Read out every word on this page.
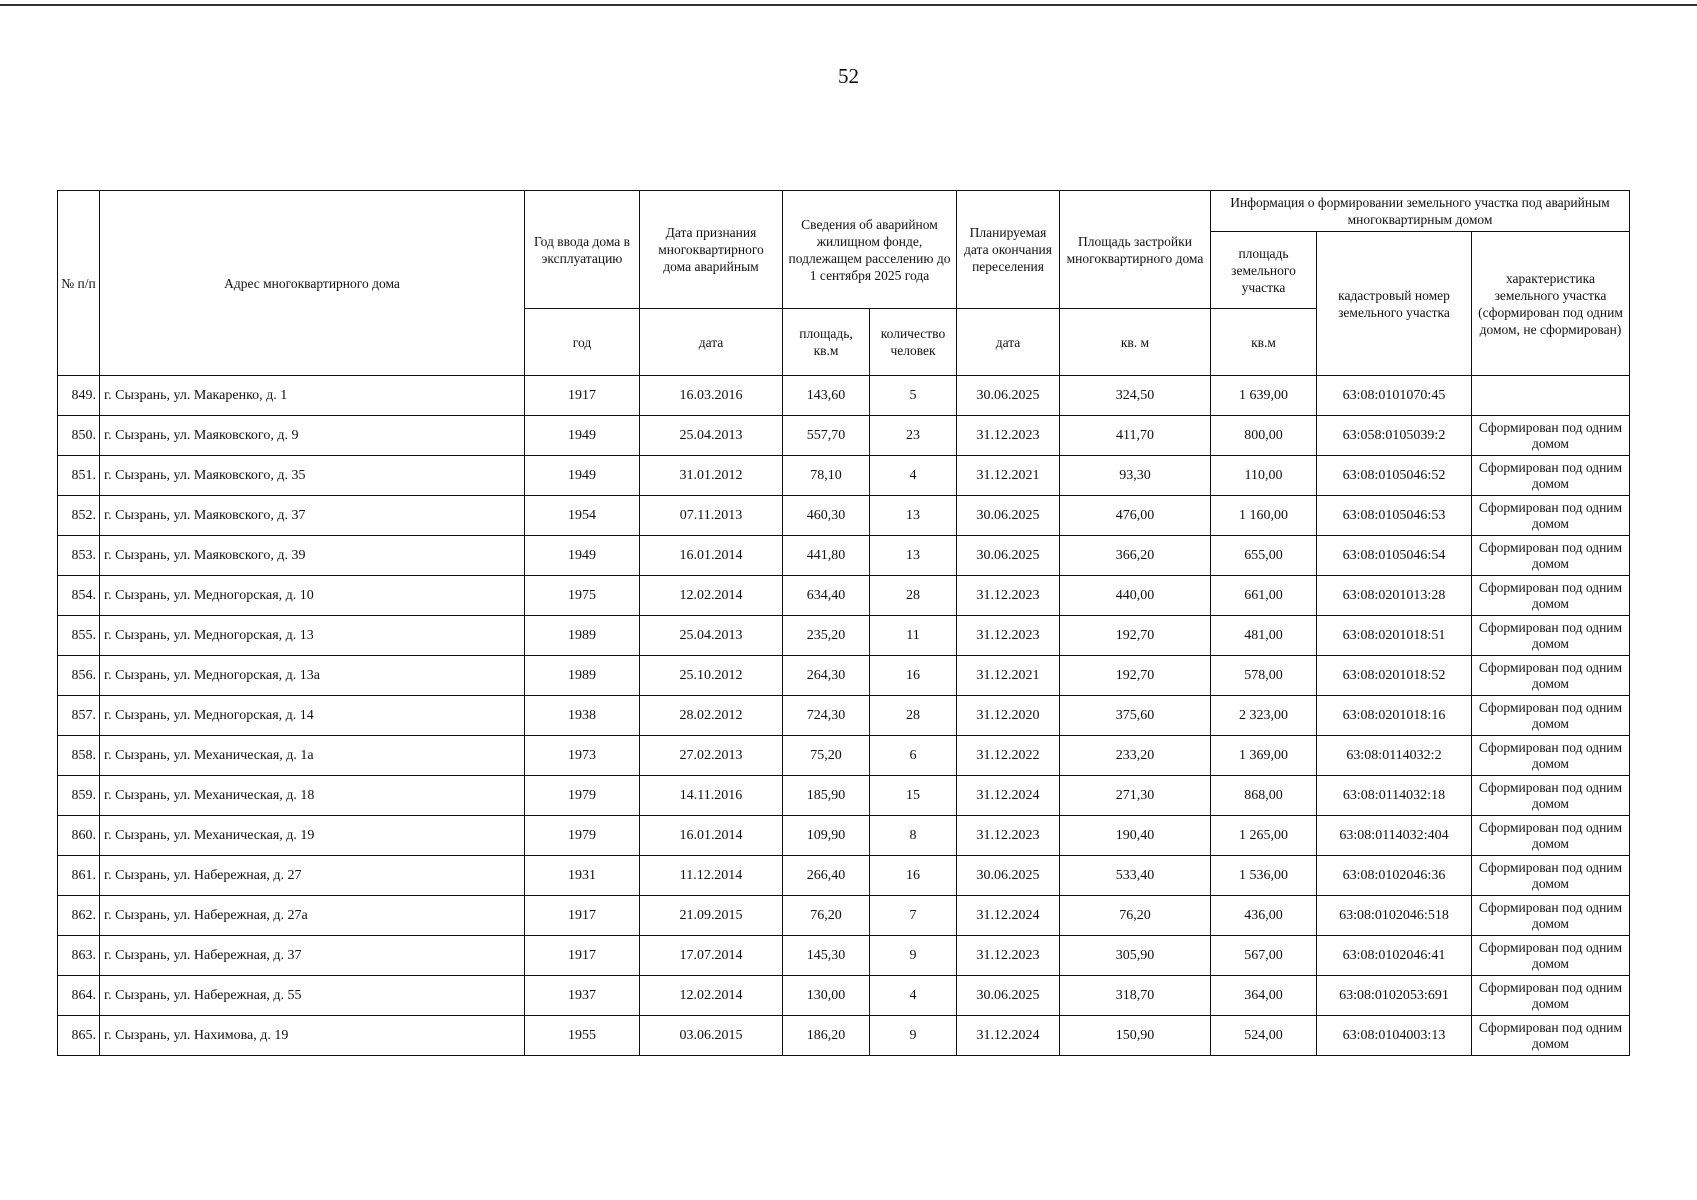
52
№ п/п	Адрес многоквартирного дома	Год ввода дома в эксплуатацию	Дата признания многоквартирного дома аварийным	Сведения об аварийном жилищном фонде, подлежащем расселению до 1 сентября 2025 года		Планируемая дата окончания переселения	Площадь застройки многоквартирного дома	Информация о формировании земельного участка под аварийным многоквартирным домом		
								площадь земельного участка	кадастровый номер земельного участка	характеристика земельного участка (сформирован под одним домом, не сформирован)
		год	дата	площадь, кв.м	количество человек	дата	кв. м	кв.м		
849.	г. Сызрань, ул. Макаренко, д. 1	1917	16.03.2016	143,60	5	30.06.2025	324,50	1 639,00	63:08:0101070:45	
850.	г. Сызрань, ул. Маяковского, д. 9	1949	25.04.2013	557,70	23	31.12.2023	411,70	800,00	63:058:0105039:2	Сформирован под одним домом
851.	г. Сызрань, ул. Маяковского, д. 35	1949	31.01.2012	78,10	4	31.12.2021	93,30	110,00	63:08:0105046:52	Сформирован под одним домом
852.	г. Сызрань, ул. Маяковского, д. 37	1954	07.11.2013	460,30	13	30.06.2025	476,00	1 160,00	63:08:0105046:53	Сформирован под одним домом
853.	г. Сызрань, ул. Маяковского, д. 39	1949	16.01.2014	441,80	13	30.06.2025	366,20	655,00	63:08:0105046:54	Сформирован под одним домом
854.	г. Сызрань, ул. Медногорская, д. 10	1975	12.02.2014	634,40	28	31.12.2023	440,00	661,00	63:08:0201013:28	Сформирован под одним домом
855.	г. Сызрань, ул. Медногорская, д. 13	1989	25.04.2013	235,20	11	31.12.2023	192,70	481,00	63:08:0201018:51	Сформирован под одним домом
856.	г. Сызрань, ул. Медногорская, д. 13а	1989	25.10.2012	264,30	16	31.12.2021	192,70	578,00	63:08:0201018:52	Сформирован под одним домом
857.	г. Сызрань, ул. Медногорская, д. 14	1938	28.02.2012	724,30	28	31.12.2020	375,60	2 323,00	63:08:0201018:16	Сформирован под одним домом
858.	г. Сызрань, ул. Механическая, д. 1а	1973	27.02.2013	75,20	6	31.12.2022	233,20	1 369,00	63:08:0114032:2	Сформирован под одним домом
859.	г. Сызрань, ул. Механическая, д. 18	1979	14.11.2016	185,90	15	31.12.2024	271,30	868,00	63:08:0114032:18	Сформирован под одним домом
860.	г. Сызрань, ул. Механическая, д. 19	1979	16.01.2014	109,90	8	31.12.2023	190,40	1 265,00	63:08:0114032:404	Сформирован под одним домом
861.	г. Сызрань, ул. Набережная, д. 27	1931	11.12.2014	266,40	16	30.06.2025	533,40	1 536,00	63:08:0102046:36	Сформирован под одним домом
862.	г. Сызрань, ул. Набережная, д. 27а	1917	21.09.2015	76,20	7	31.12.2024	76,20	436,00	63:08:0102046:518	Сформирован под одним домом
863.	г. Сызрань, ул. Набережная, д. 37	1917	17.07.2014	145,30	9	31.12.2023	305,90	567,00	63:08:0102046:41	Сформирован под одним домом
864.	г. Сызрань, ул. Набережная, д. 55	1937	12.02.2014	130,00	4	30.06.2025	318,70	364,00	63:08:0102053:691	Сформирован под одним домом
865.	г. Сызрань, ул. Нахимова, д. 19	1955	03.06.2015	186,20	9	31.12.2024	150,90	524,00	63:08:0104003:13	Сформирован под одним домом
